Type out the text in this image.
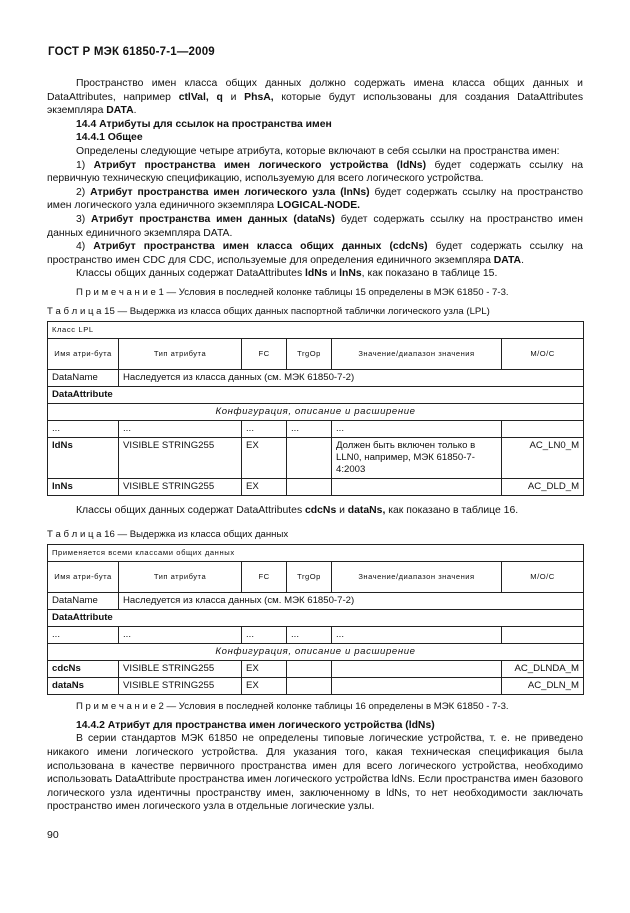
ГОСТ Р МЭК 61850-7-1—2009

Пространство имен класса общих данных должно содержать имена класса общих данных и DataAttributes, например ctlVal, q и PhsA, которые будут использованы для создания DataAttributes экземпляра DATA.

14.4 Атрибуты для ссылок на пространства имен

14.4.1 Общее

Определены следующие четыре атрибута, которые включают в себя ссылки на пространства имен:

1) Атрибут пространства имен логического устройства (ldNs) будет содержать ссылку на первичную техническую спецификацию, используемую для всего логического устройства.

2) Атрибут пространства имен логического узла (lnNs) будет содержать ссылку на пространство имен логического узла единичного экземпляра LOGICAL-NODE.

3) Атрибут пространства имен данных (dataNs) будет содержать ссылку на пространство имен данных единичного экземпляра DATA.

4) Атрибут пространства имен класса общих данных (cdcNs) будет содержать ссылку на пространство имен CDC для CDC, используемые для определения единичного экземпляра DATA.

Классы общих данных содержат DataAttributes ldNs и lnNs, как показано в таблице 15.

П р и м е ч а н и е 1 — Условия в последней колонке таблицы 15 определены в МЭК 61850 - 7-3.

Т а б л и ц а 15 — Выдержка из класса общих данных паспортной таблички логического узла (LPL)

Класс LPL					
Имя атри-бута	Тип атрибута	FC	TrgOp	Значение/диапазон значения	M/O/C
DataName	Наследуется из класса данных (см. МЭК 61850-7-2)				
DataAttribute					
Конфигурация, описание и расширение					
...	...	...	...	...	
ldNs	VISIBLE STRING255	EX		Должен быть включен только в LLN0, например, МЭК 61850-7-4:2003	AC_LN0_M
lnNs	VISIBLE STRING255	EX			AC_DLD_M

Классы общих данных содержат DataAttributes cdcNs и dataNs, как показано в таблице 16.

Т а б л и ц а 16 — Выдержка из класса общих данных

Применяется всеми классами общих данных					
Имя атри-бута	Тип атрибута	FC	TrgOp	Значение/диапазон значения	M/O/C
DataName	Наследуется из класса данных (см. МЭК 61850-7-2)				
DataAttribute					
...	...	...	...	...	
Конфигурация, описание и расширение					
cdcNs	VISIBLE STRING255	EX			AC_DLNDA_M
dataNs	VISIBLE STRING255	EX			AC_DLN_M

П р и м е ч а н и е 2 — Условия в последней колонке таблицы 16 определены в МЭК 61850 - 7-3.

14.4.2 Атрибут для пространства имен логического устройства (ldNs)

В серии стандартов МЭК 61850 не определены типовые логические устройства, т. е. не приведено никакого имени логического устройства. Для указания того, какая техническая спецификация была использована в качестве первичного пространства имен для всего логического устройства, необходимо использовать DataAttribute пространства имен логического устройства ldNs. Если пространства имен базового логического узла идентичны пространству имен, заключенному в ldNs, то нет необходимости заключать пространство имен логического узла в отдельные логические узлы.

90
